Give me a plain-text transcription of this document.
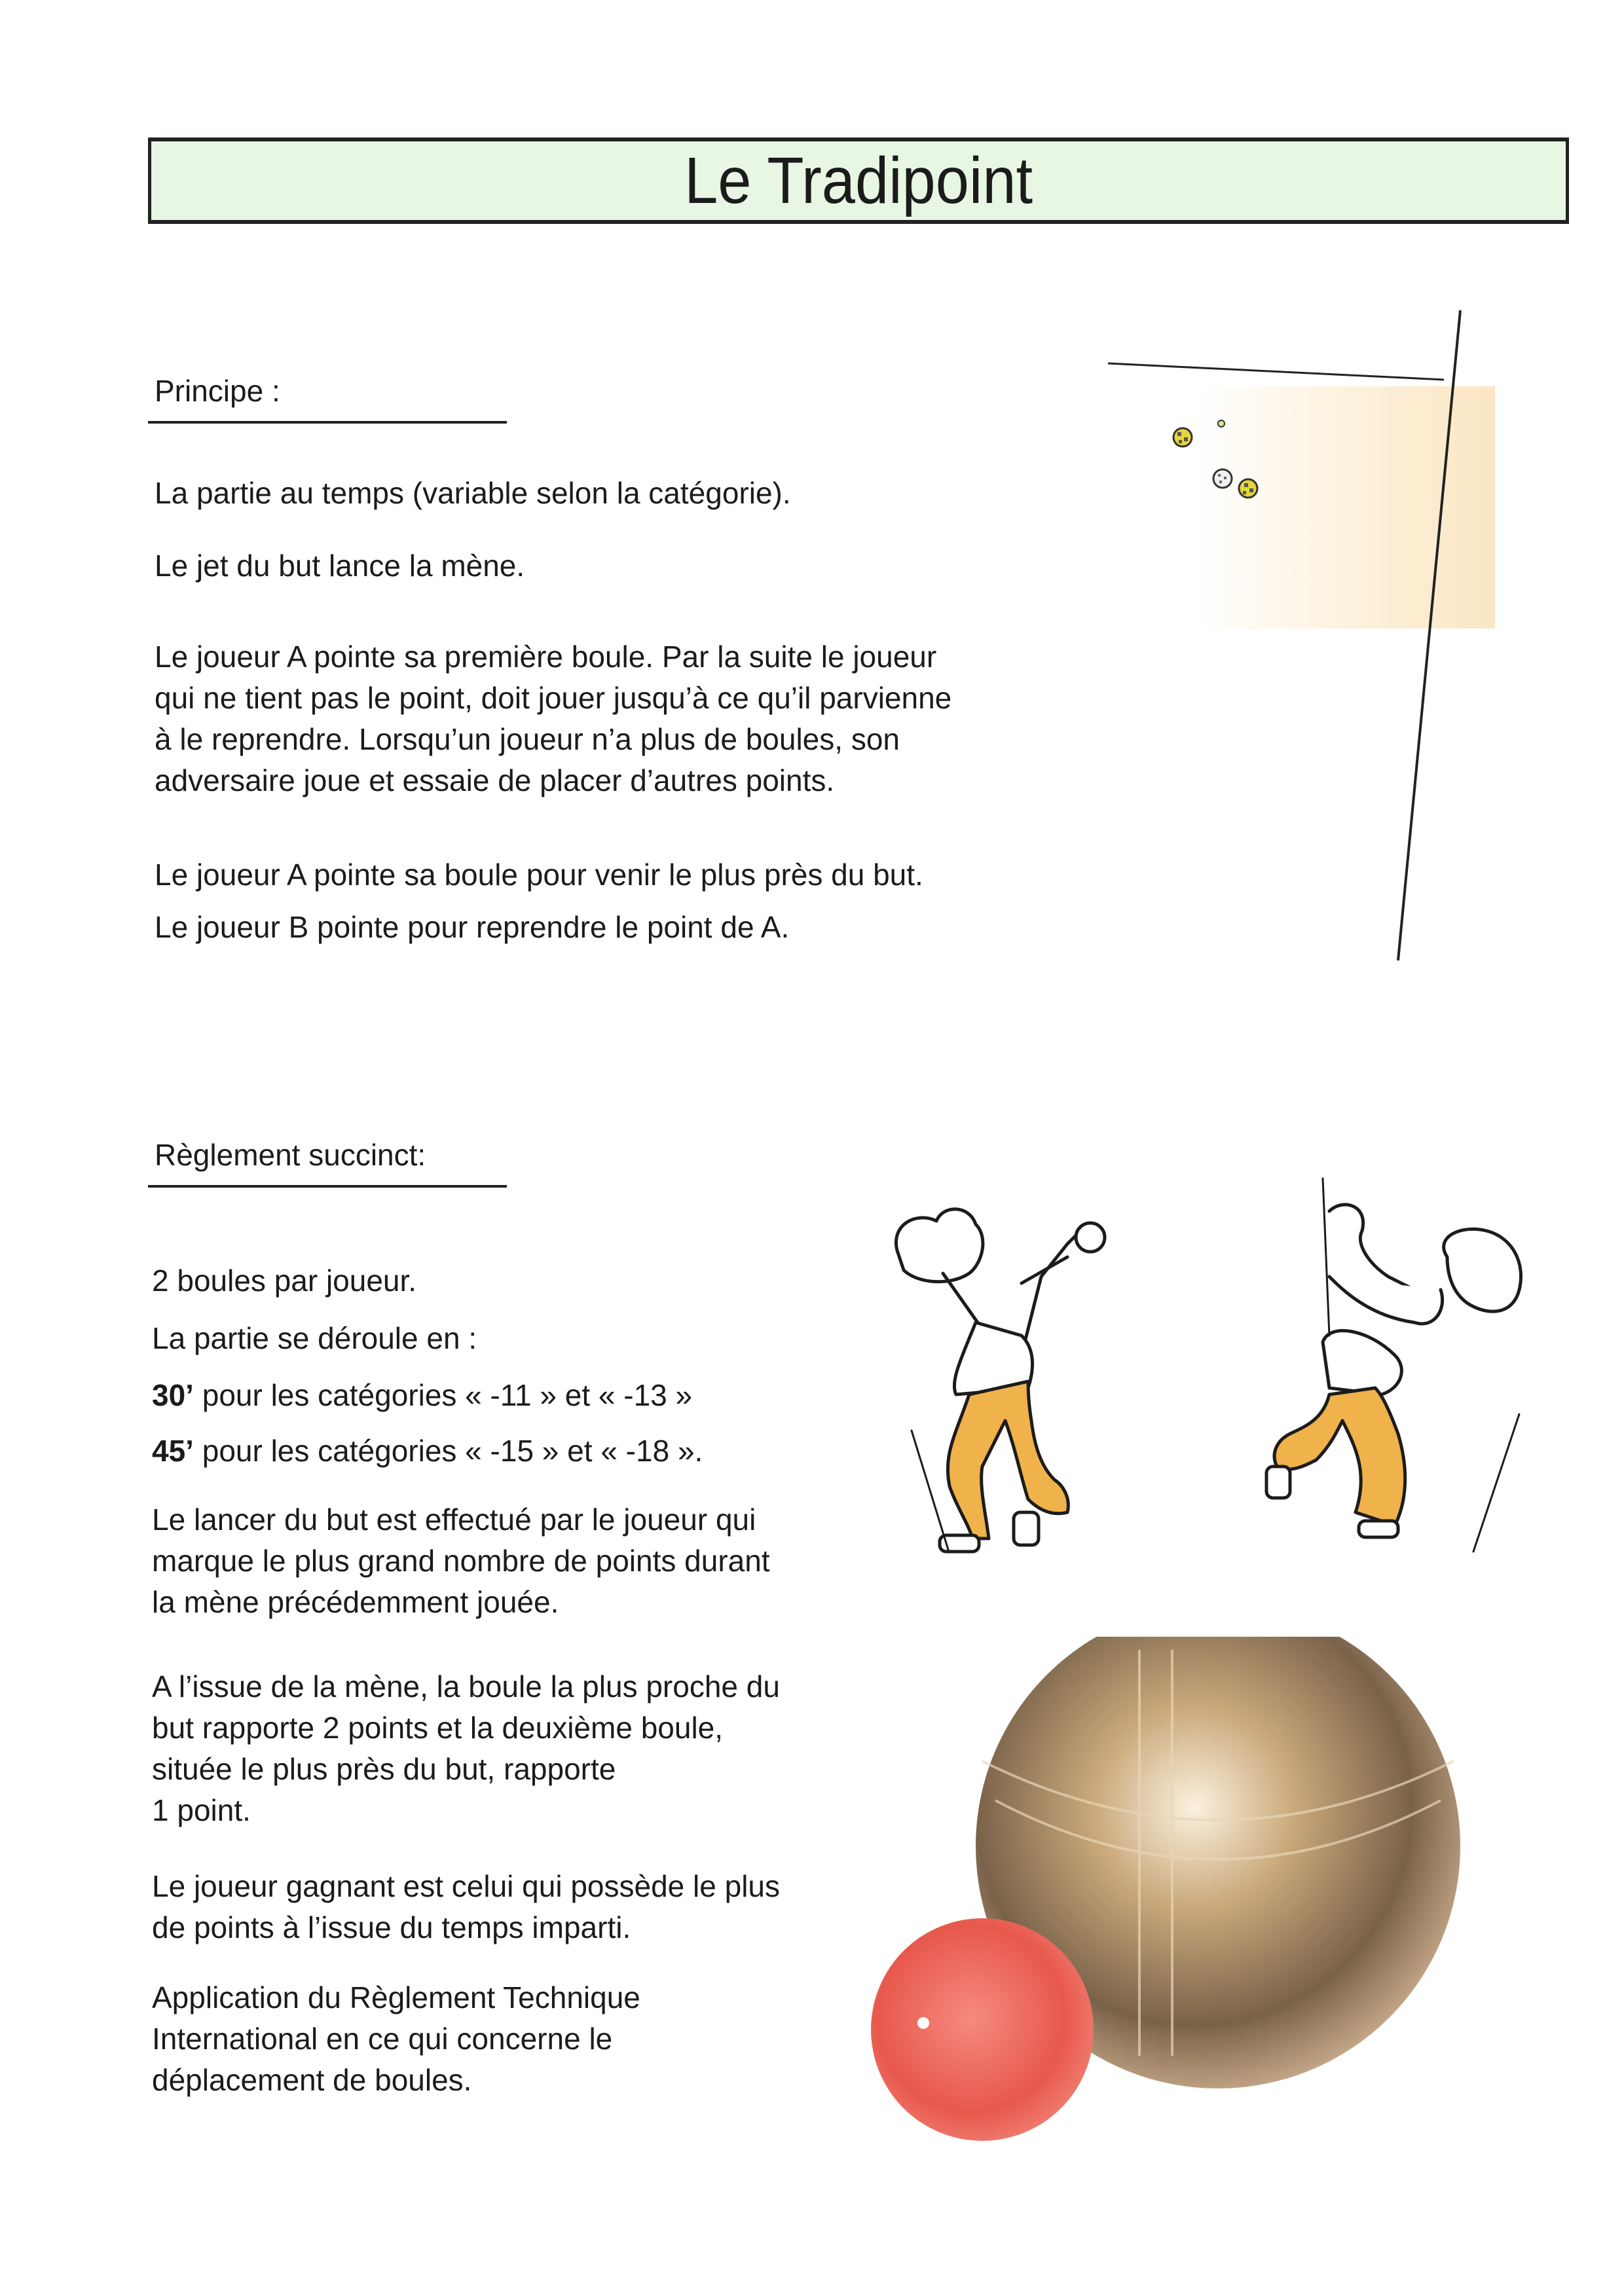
Le Tradipoint
Principe :
La partie au temps (variable selon la catégorie).
Le jet du but lance la mène.
Le joueur A pointe sa première boule. Par la suite le joueur
qui ne tient pas le point, doit jouer jusqu’à ce qu’il parvienne
à le reprendre. Lorsqu’un joueur n’a plus de boules, son
adversaire joue et essaie de placer d’autres points.
Le joueur A pointe sa boule pour venir le plus près du but.
Le joueur B pointe pour reprendre le point de A.
Règlement succinct:
2 boules par joueur.
La partie se déroule en :
30’ pour les catégories « -11 » et « -13 »
45’ pour les catégories « -15 » et « -18 ».
Le lancer du but est effectué par le joueur qui
marque le plus grand nombre de points durant
la mène précédemment jouée.
A l’issue de la mène, la boule la plus proche du
but rapporte 2 points et la deuxième boule,
située le plus près du but, rapporte
1 point.
Le joueur gagnant est celui qui possède le plus
de points à l’issue du temps imparti.
Application du Règlement Technique
International en ce qui concerne le
déplacement de boules.
